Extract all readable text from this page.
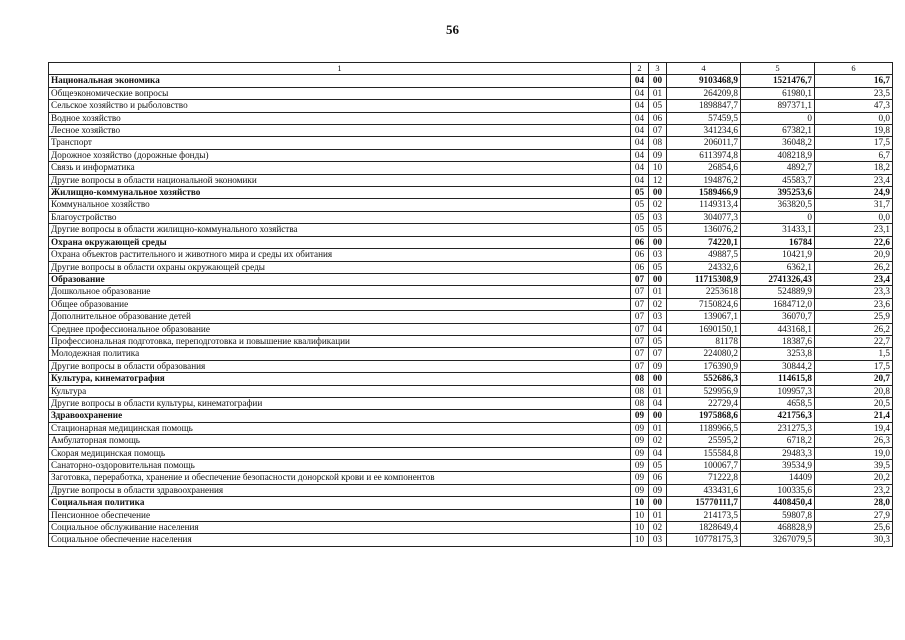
56
1	2	3	4	5	6
Национальная экономика	04	00	9103468,9	1521476,7	16,7
Общеэкономические вопросы	04	01	264209,8	61980,1	23,5
Сельское хозяйство и рыболовство	04	05	1898847,7	897371,1	47,3
Водное хозяйство	04	06	57459,5	0	0,0
Лесное хозяйство	04	07	341234,6	67382,1	19,8
Транспорт	04	08	206011,7	36048,2	17,5
Дорожное хозяйство (дорожные фонды)	04	09	6113974,8	408218,9	6,7
Связь и информатика	04	10	26854,6	4892,7	18,2
Другие вопросы в области национальной экономики	04	12	194876,2	45583,7	23,4
Жилищно-коммунальное хозяйство	05	00	1589466,9	395253,6	24,9
Коммунальное хозяйство	05	02	1149313,4	363820,5	31,7
Благоустройство	05	03	304077,3	0	0,0
Другие вопросы в области жилищно-коммунального хозяйства	05	05	136076,2	31433,1	23,1
Охрана окружающей среды	06	00	74220,1	16784	22,6
Охрана объектов растительного и животного мира и среды их обитания	06	03	49887,5	10421,9	20,9
Другие вопросы в области охраны окружающей среды	06	05	24332,6	6362,1	26,2
Образование	07	00	11715308,9	2741326,43	23,4
Дошкольное образование	07	01	2253618	524889,9	23,3
Общее образование	07	02	7150824,6	1684712,0	23,6
Дополнительное образование детей	07	03	139067,1	36070,7	25,9
Среднее профессиональное образование	07	04	1690150,1	443168,1	26,2
Профессиональная подготовка, переподготовка и повышение квалификации	07	05	81178	18387,6	22,7
Молодежная политика	07	07	224080,2	3253,8	1,5
Другие вопросы в области образования	07	09	176390,9	30844,2	17,5
Культура, кинематография	08	00	552686,3	114615,8	20,7
Культура	08	01	529956,9	109957,3	20,8
Другие вопросы в области культуры, кинематографии	08	04	22729,4	4658,5	20,5
Здравоохранение	09	00	1975868,6	421756,3	21,4
Стационарная медицинская помощь	09	01	1189966,5	231275,3	19,4
Амбулаторная помощь	09	02	25595,2	6718,2	26,3
Скорая медицинская помощь	09	04	155584,8	29483,3	19,0
Санаторно-оздоровительная помощь	09	05	100067,7	39534,9	39,5
Заготовка, переработка, хранение и обеспечение безопасности донорской крови и ее компонентов	09	06	71222,8	14409	20,2
Другие вопросы в области здравоохранения	09	09	433431,6	100335,6	23,2
Социальная политика	10	00	15770111,7	4408450,4	28,0
Пенсионное обеспечение	10	01	214173,5	59807,8	27,9
Социальное обслуживание населения	10	02	1828649,4	468828,9	25,6
Социальное обеспечение населения	10	03	10778175,3	3267079,5	30,3
